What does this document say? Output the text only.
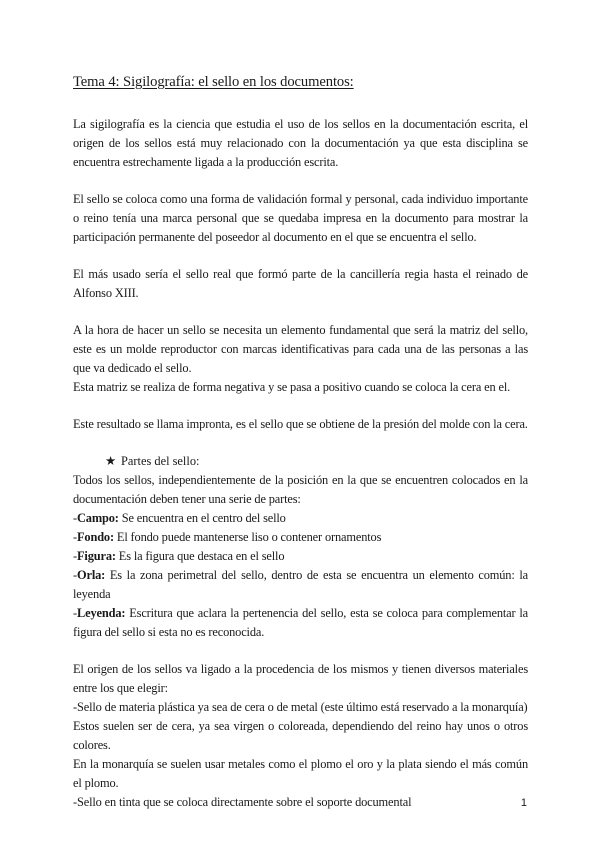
Tema 4: Sigilografía: el sello en los documentos:

La sigilografía es la ciencia que estudia el uso de los sellos en la documentación escrita, el origen de los sellos está muy relacionado con la documentación ya que esta disciplina se encuentra estrechamente ligada a la producción escrita.

El sello se coloca como una forma de validación formal y personal, cada individuo importante o reino tenía una marca personal que se quedaba impresa en la documento para mostrar la participación permanente del poseedor al documento en el que se encuentra el sello.

El más usado sería el sello real que formó parte de la cancillería regia hasta el reinado de Alfonso XIII.

A la hora de hacer un sello se necesita un elemento fundamental que será la matriz del sello, este es un molde reproductor con marcas identificativas para cada una de las personas a las que va dedicado el sello.

Esta matriz se realiza de forma negativa y se pasa a positivo cuando se coloca la cera en el.

Este resultado se llama impronta, es el sello que se obtiene de la presión del molde con la cera.

★ Partes del sello:

Todos los sellos, independientemente de la posición en la que se encuentren colocados en la documentación deben tener una serie de partes:

-Campo: Se encuentra en el centro del sello

-Fondo: El fondo puede mantenerse liso o contener ornamentos

-Figura: Es la figura que destaca en el sello

-Orla: Es la zona perimetral del sello, dentro de esta se encuentra un elemento común: la leyenda

-Leyenda: Escritura que aclara la pertenencia del sello, esta se coloca para complementar la figura del sello si esta no es reconocida.

El origen de los sellos va ligado a la procedencia de los mismos y tienen diversos materiales entre los que elegir:

-Sello de materia plástica ya sea de cera o de metal (este último está reservado a la monarquía)

Estos suelen ser de cera, ya sea virgen o coloreada, dependiendo del reino hay unos o otros colores.

En la monarquía se suelen usar metales como el plomo el oro y la plata siendo el más común el plomo.

-Sello en tinta que se coloca directamente sobre el soporte documental	1
